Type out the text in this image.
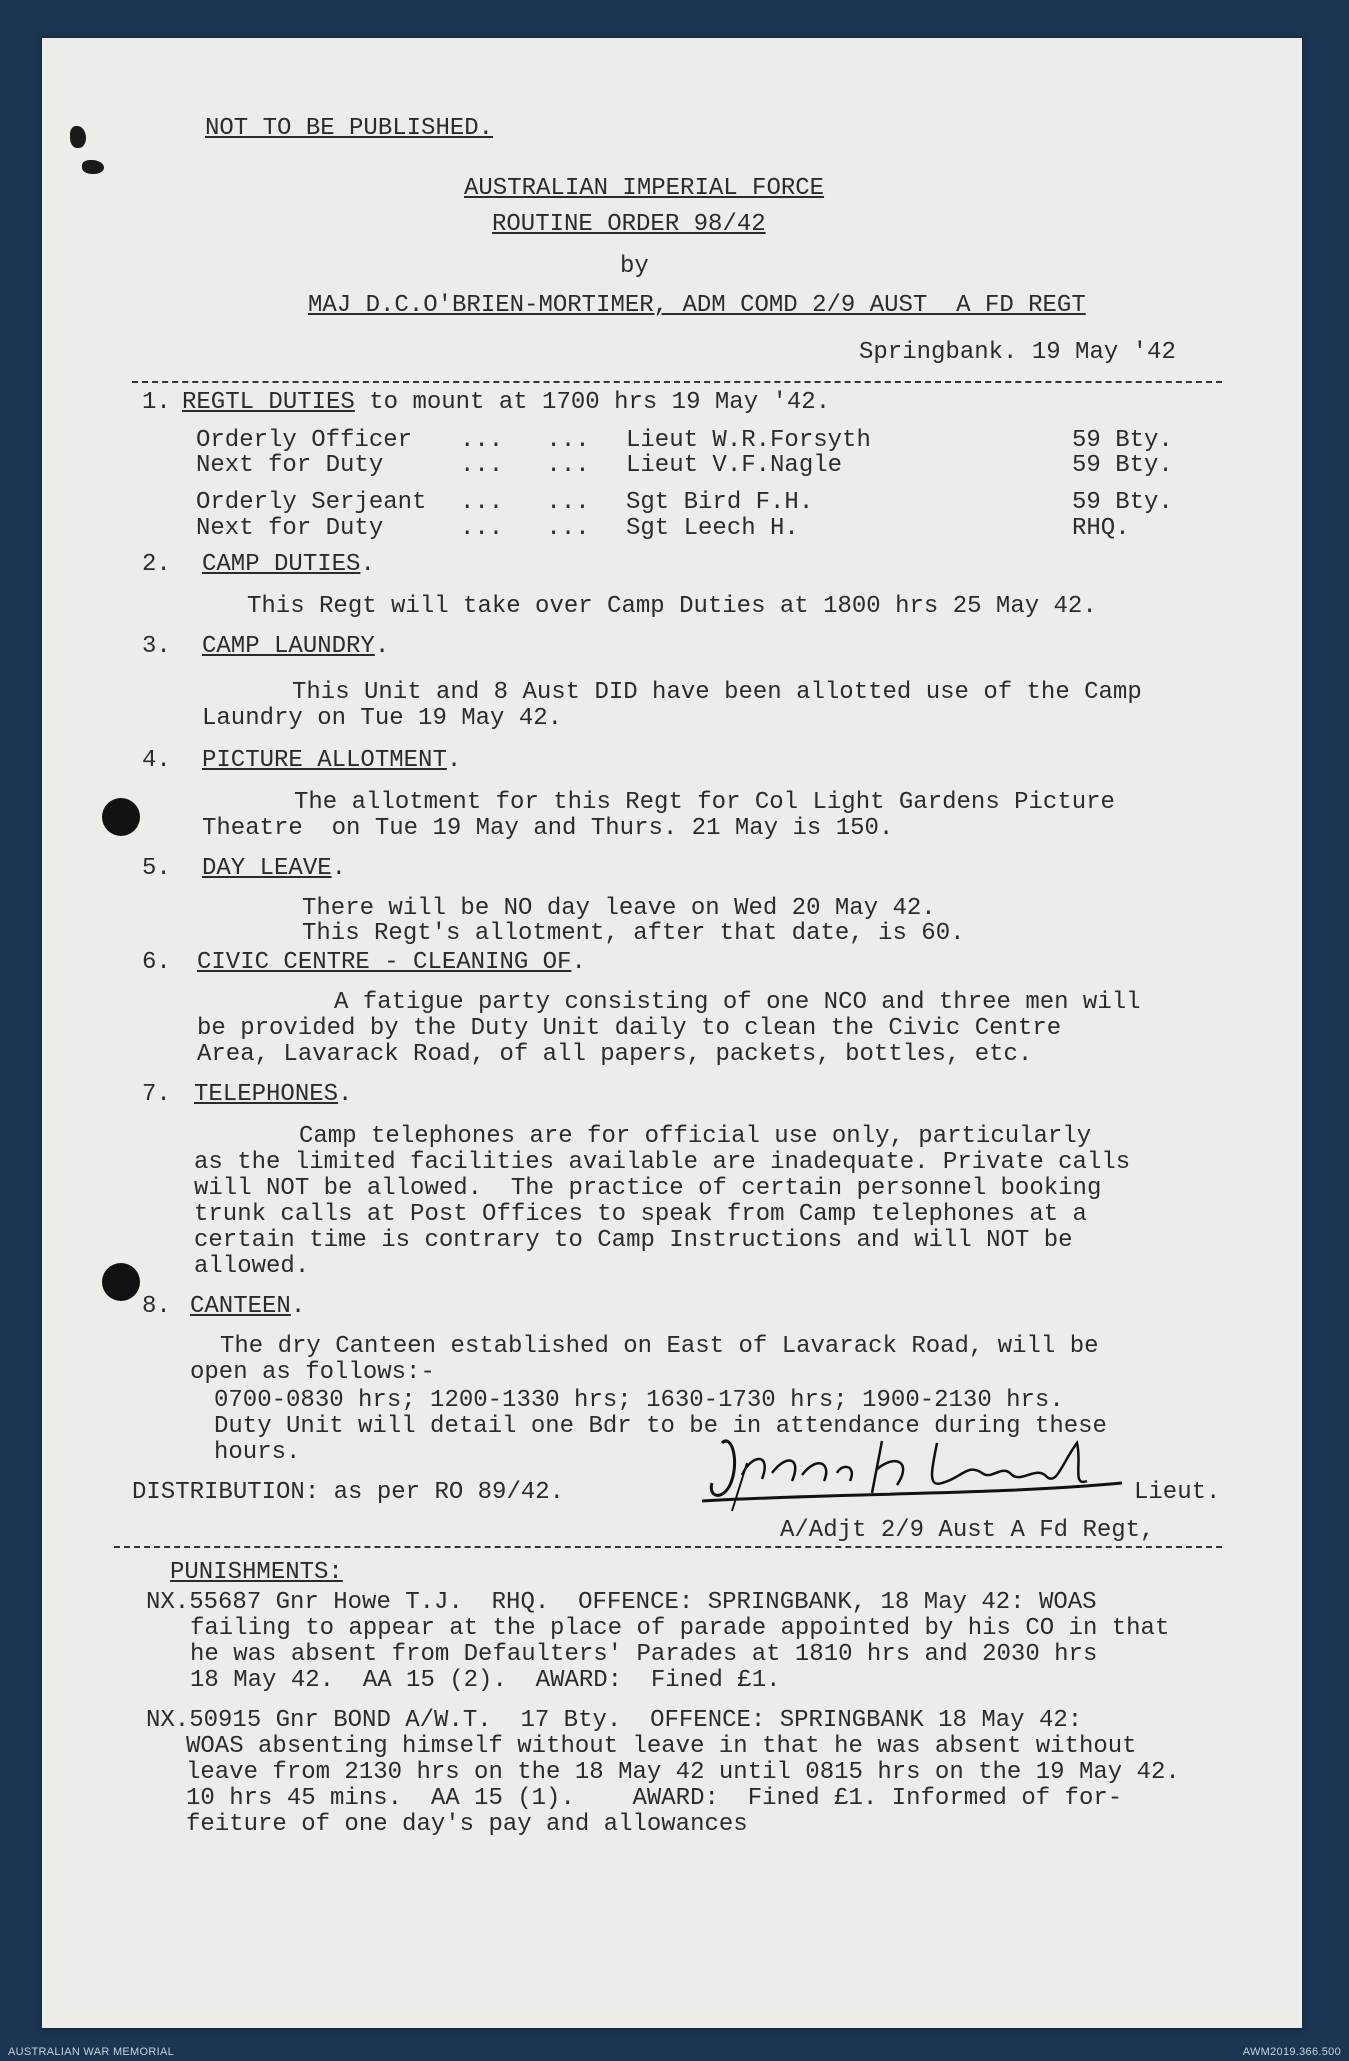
NOT TO BE PUBLISHED.
AUSTRALIAN IMPERIAL FORCE
ROUTINE ORDER 98/42
by
MAJ D.C.O'BRIEN-MORTIMER, ADM COMD 2/9 AUST  A FD REGT
Springbank. 19 May '42
1. REGTL DUTIES to mount at 1700 hrs 19 May '42.
Orderly Officer ...   ... Lieut W.R.Forsyth	59 Bty.
Next for Duty	...   ... Lieut V.F.Nagle	59 Bty.
Orderly Serjeant ...   ... Sgt Bird F.H.	59 Bty.
Next for Duty	...   ... Sgt Leech H.	RHQ.
2. CAMP DUTIES.
This Regt will take over Camp Duties at 1800 hrs 25 May 42.
3. CAMP LAUNDRY.
This Unit and 8 Aust DID have been allotted use of the Camp
Laundry on Tue 19 May 42.
4. PICTURE ALLOTMENT.
The allotment for this Regt for Col Light Gardens Picture
Theatre  on Tue 19 May and Thurs. 21 May is 150.
5. DAY LEAVE.
There will be NO day leave on Wed 20 May 42.
This Regt's allotment, after that date, is 60.
6. CIVIC CENTRE - CLEANING OF.
A fatigue party consisting of one NCO and three men will
be provided by the Duty Unit daily to clean the Civic Centre
Area, Lavarack Road, of all papers, packets, bottles, etc.
7. TELEPHONES.
Camp telephones are for official use only, particularly
as the limited facilities available are inadequate. Private calls
will NOT be allowed.  The practice of certain personnel booking
trunk calls at Post Offices to speak from Camp telephones at a
certain time is contrary to Camp Instructions and will NOT be
allowed.
8. CANTEEN.
The dry Canteen established on East of Lavarack Road, will be
open as follows:-
0700-0830 hrs; 1200-1330 hrs; 1630-1730 hrs; 1900-2130 hrs.
Duty Unit will detail one Bdr to be in attendance during these
hours.
DISTRIBUTION: as per RO 89/42.	Lieut.
A/Adjt 2/9 Aust A Fd Regt,
PUNISHMENTS:
NX.55687 Gnr Howe T.J.  RHQ.  OFFENCE: SPRINGBANK, 18 May 42: WOAS
failing to appear at the place of parade appointed by his CO in that
he was absent from Defaulters' Parades at 1810 hrs and 2030 hrs
18 May 42.  AA 15 (2).  AWARD:  Fined £1.
NX.50915 Gnr BOND A/W.T.  17 Bty.  OFFENCE: SPRINGBANK 18 May 42:
WOAS absenting himself without leave in that he was absent without
leave from 2130 hrs on the 18 May 42 until 0815 hrs on the 19 May 42.
10 hrs 45 mins.  AA 15 (1).    AWARD:  Fined £1. Informed of for-
feiture of one day's pay and allowances
AUSTRALIAN WAR MEMORIAL	AWM2019.366.500
